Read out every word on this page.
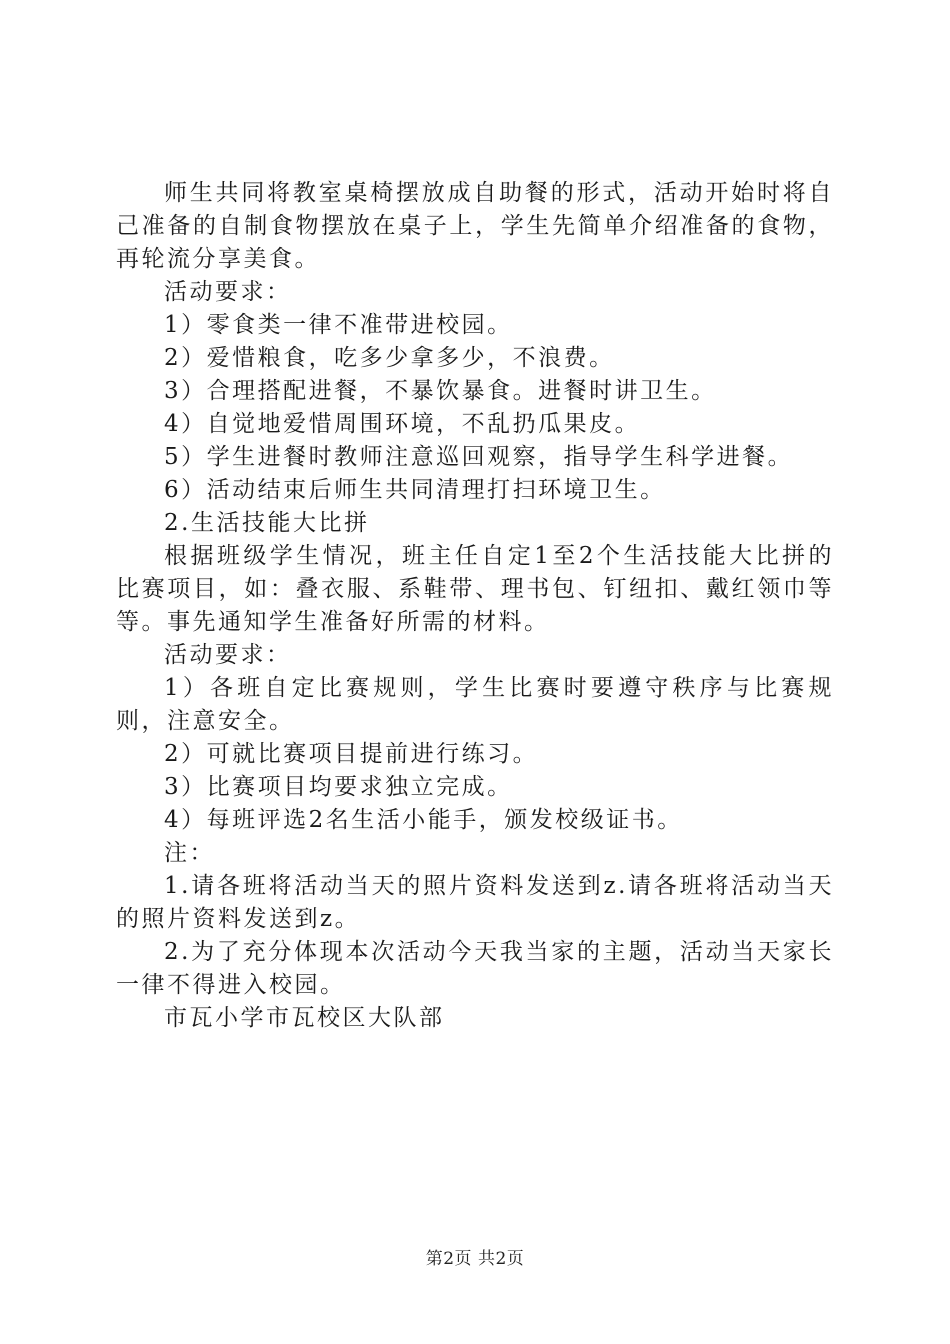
师生共同将教室桌椅摆放成自助餐的形式，活动开始时将自己准备的自制食物摆放在桌子上，学生先简单介绍准备的食物，再轮流分享美食。

活动要求：

1）零食类一律不准带进校园。

2）爱惜粮食，吃多少拿多少，不浪费。

3）合理搭配进餐，不暴饮暴食。进餐时讲卫生。

4）自觉地爱惜周围环境，不乱扔瓜果皮。

5）学生进餐时教师注意巡回观察，指导学生科学进餐。

6）活动结束后师生共同清理打扫环境卫生。

2.生活技能大比拼

根据班级学生情况，班主任自定1至2个生活技能大比拼的比赛项目，如：叠衣服、系鞋带、理书包、钉纽扣、戴红领巾等等。事先通知学生准备好所需的材料。

活动要求：

1）各班自定比赛规则，学生比赛时要遵守秩序与比赛规则，注意安全。

2）可就比赛项目提前进行练习。

3）比赛项目均要求独立完成。

4）每班评选2名生活小能手，颁发校级证书。

注：

1.请各班将活动当天的照片资料发送到z.请各班将活动当天的照片资料发送到z。

2.为了充分体现本次活动今天我当家的主题，活动当天家长一律不得进入校园。

市瓦小学市瓦校区大队部

第2页 共2页
